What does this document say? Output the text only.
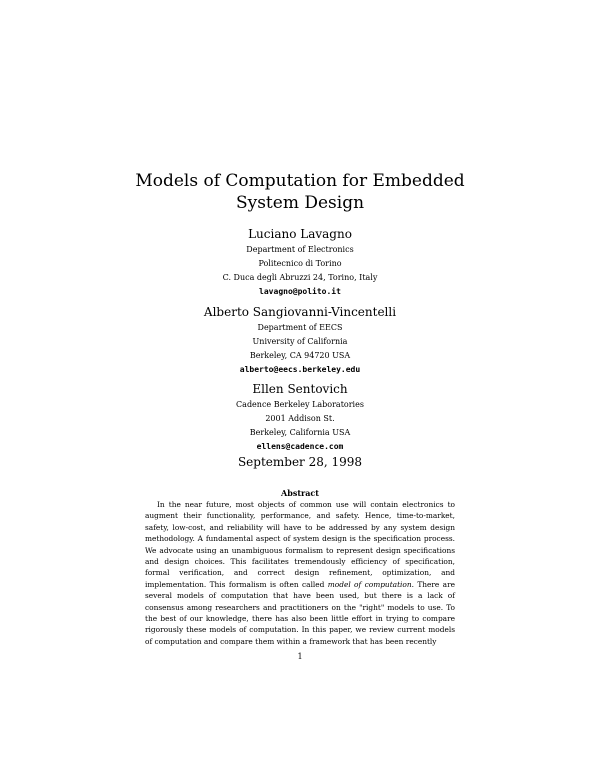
Models of Computation for Embedded System Design
Luciano Lavagno
Department of Electronics
Politecnico di Torino
C. Duca degli Abruzzi 24, Torino, Italy
lavagno@polito.it
Alberto Sangiovanni-Vincentelli
Department of EECS
University of California
Berkeley, CA 94720 USA
alberto@eecs.berkeley.edu
Ellen Sentovich
Cadence Berkeley Laboratories
2001 Addison St.
Berkeley, California USA
ellens@cadence.com
September 28, 1998
Abstract

In the near future, most objects of common use will contain electronics to augment their functionality, performance, and safety. Hence, time-to-market, safety, low-cost, and reliability will have to be addressed by any system design methodology. A fundamental aspect of system design is the specification process. We advocate using an unambiguous formalism to represent design specifications and design choices. This facilitates tremendously efficiency of specification, formal verification, and correct design refinement, optimization, and implementation. This formalism is often called model of computation. There are several models of computation that have been used, but there is a lack of consensus among researchers and practitioners on the "right" models to use. To the best of our knowledge, there has also been little effort in trying to compare rigorously these models of computation. In this paper, we review current models of computation and compare them within a framework that has been recently

1
